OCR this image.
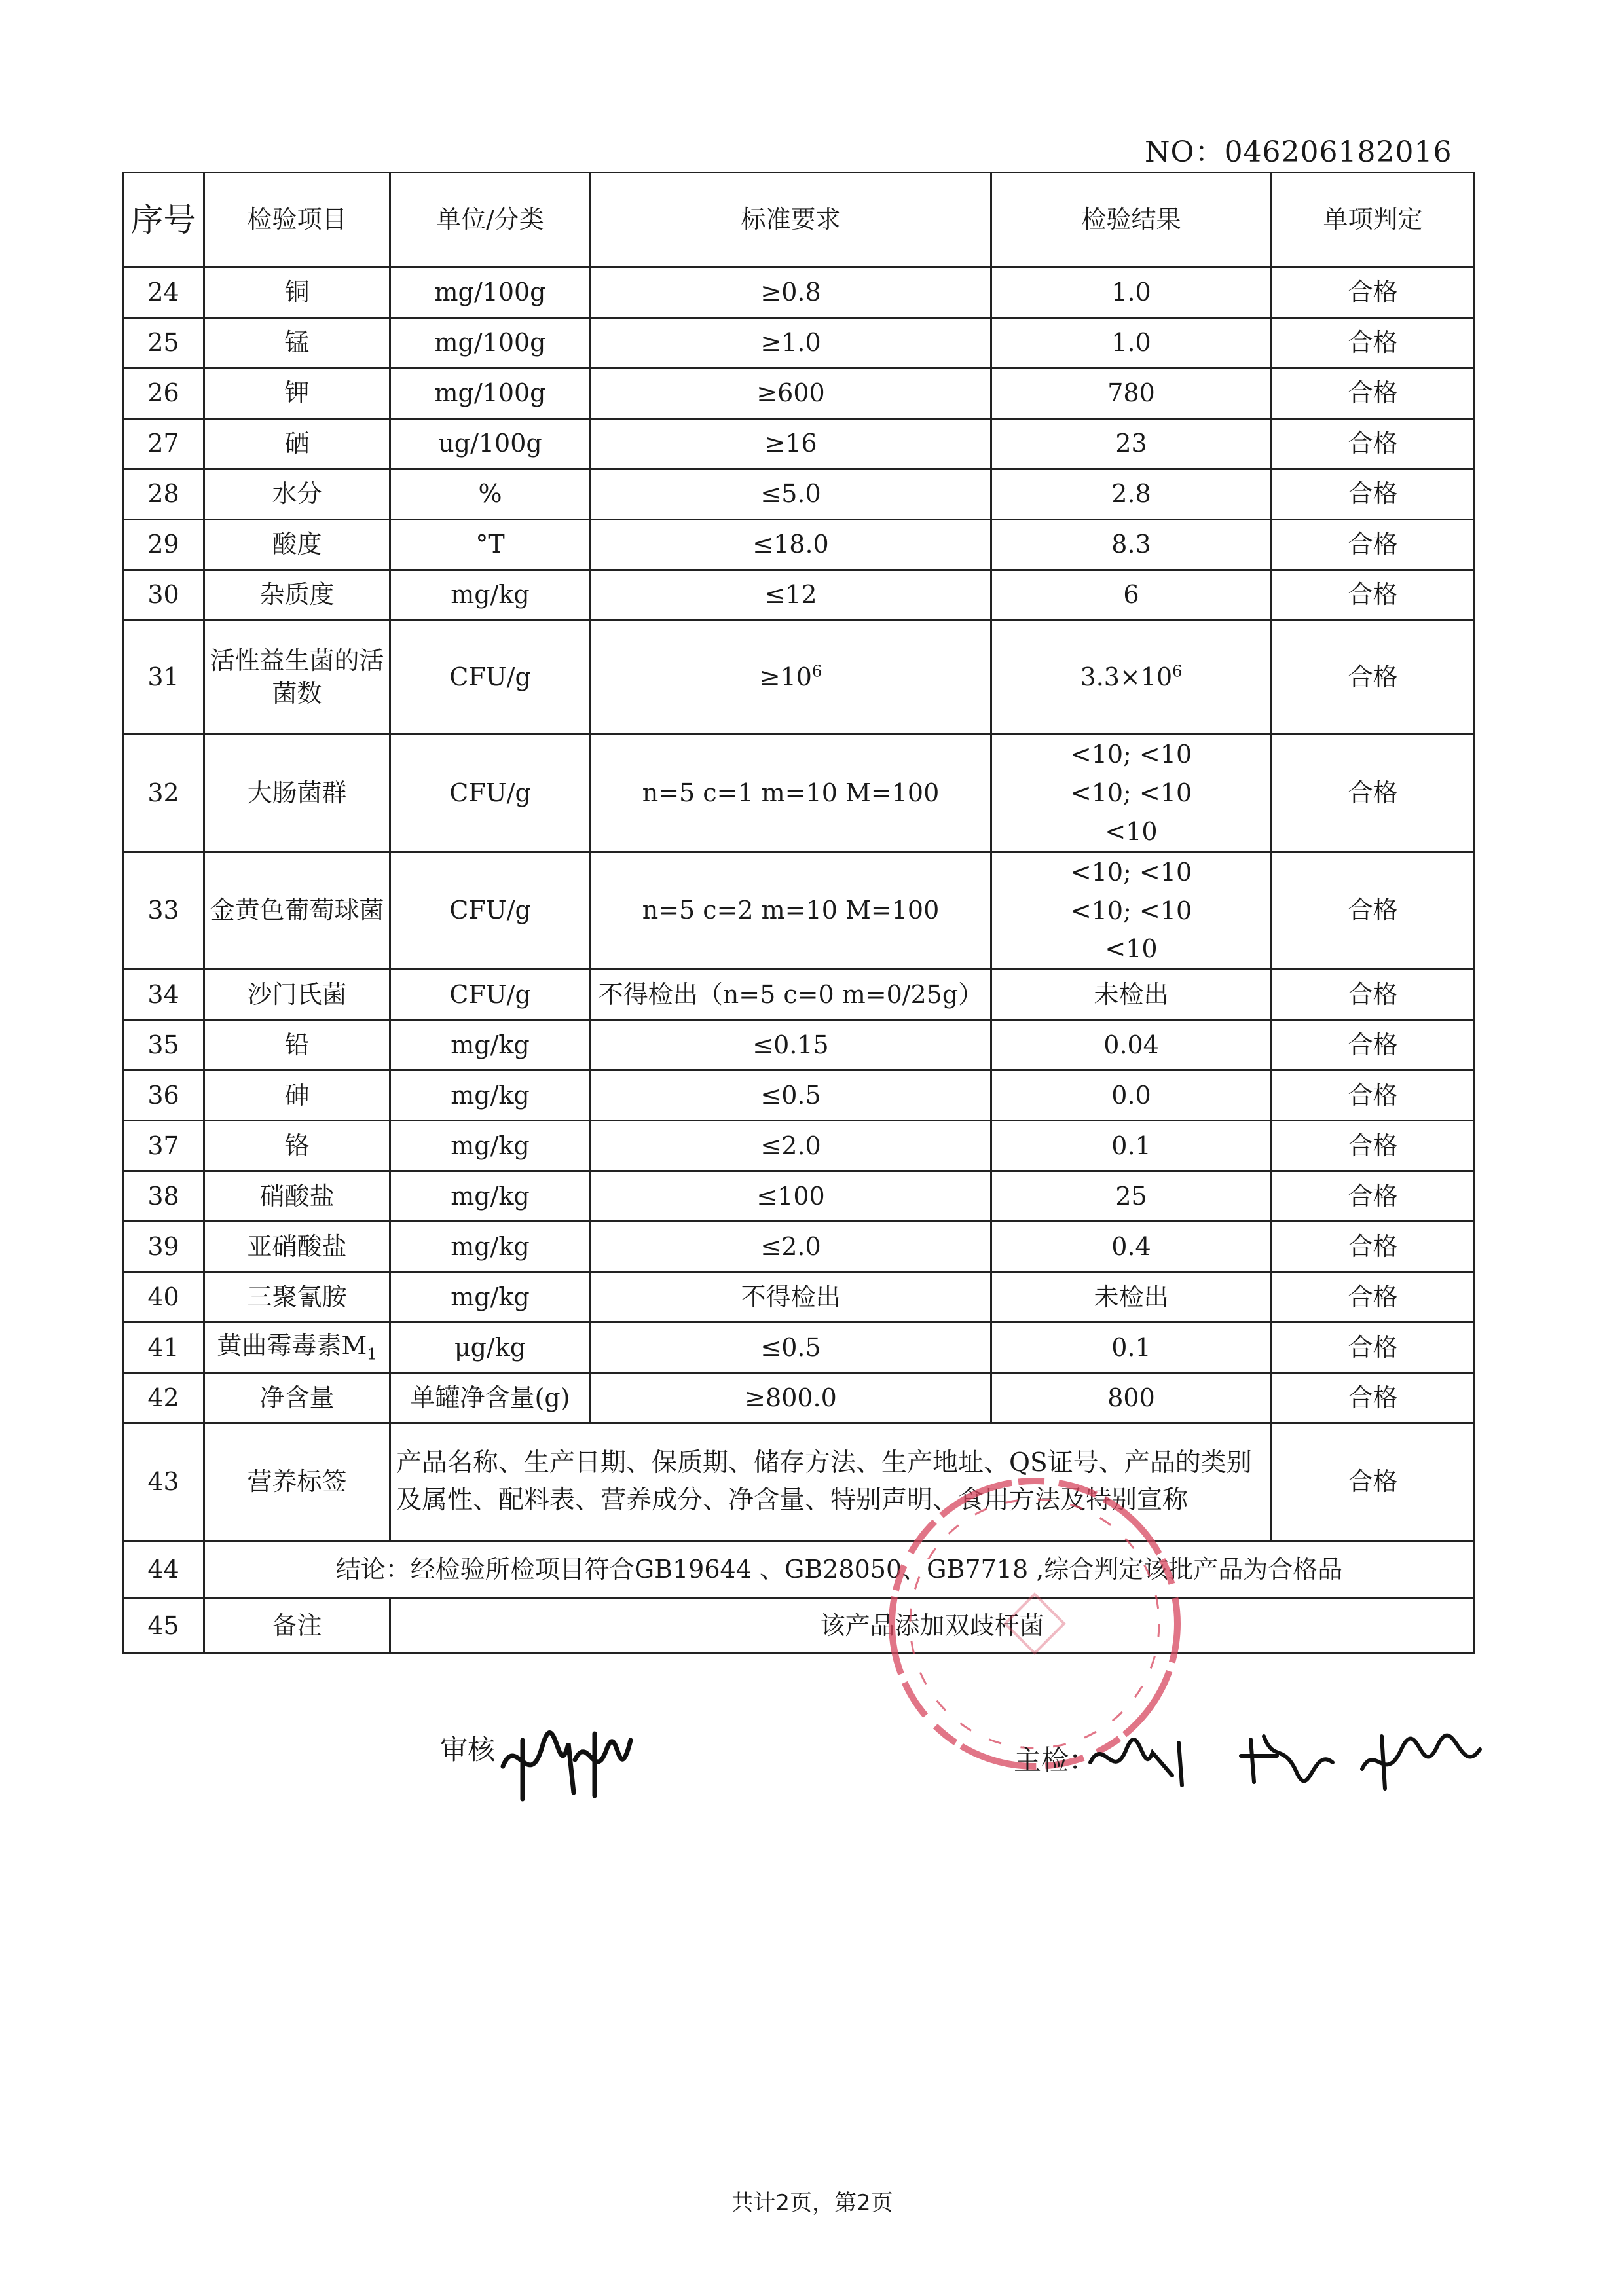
NO：046206182016
序号	检验项目	单位/分类	标准要求	检验结果	单项判定
24	铜	mg/100g	≥0.8	1.0	合格
25	锰	mg/100g	≥1.0	1.0	合格
26	钾	mg/100g	≥600	780	合格
27	硒	ug/100g	≥16	23	合格
28	水分	%	≤5.0	2.8	合格
29	酸度	°T	≤18.0	8.3	合格
30	杂质度	mg/kg	≤12	6	合格
31	活性益生菌的活菌数	CFU/g	$\ge 10^6$	$3.3\times 10^6$	合格
32	大肠菌群	CFU/g	n=5 c=1 m=10 M=100	<10; <10
<10; <10
<10	合格
33	金黄色葡萄球菌	CFU/g	n=5 c=2 m=10 M=100	<10; <10
<10; <10
<10	合格
34	沙门氏菌	CFU/g	不得检出（n=5 c=0 m=0/25g）	未检出	合格
35	铅	mg/kg	≤0.15	0.04	合格
36	砷	mg/kg	≤0.5	0.0	合格
37	铬	mg/kg	≤2.0	0.1	合格
38	硝酸盐	mg/kg	≤100	25	合格
39	亚硝酸盐	mg/kg	≤2.0	0.4	合格
40	三聚氰胺	mg/kg	不得检出	未检出	合格
41	黄曲霉毒素$M_1$	μg/kg	≤0.5	0.1	合格
42	净含量	单罐净含量(g)	≥800.0	800	合格
43	营养标签	产品名称、生产日期、保质期、储存方法、生产地址、QS证号、产品的类别及属性、配料表、营养成分、净含量、特别声明、食用方法及特别宣称			合格
44	结论：经检验所检项目符合GB19644 、GB28050、GB7718 ,综合判定该批产品为合格品				
45	备注	该产品添加双歧杆菌			
审核	主检：
共计2页，第2页
